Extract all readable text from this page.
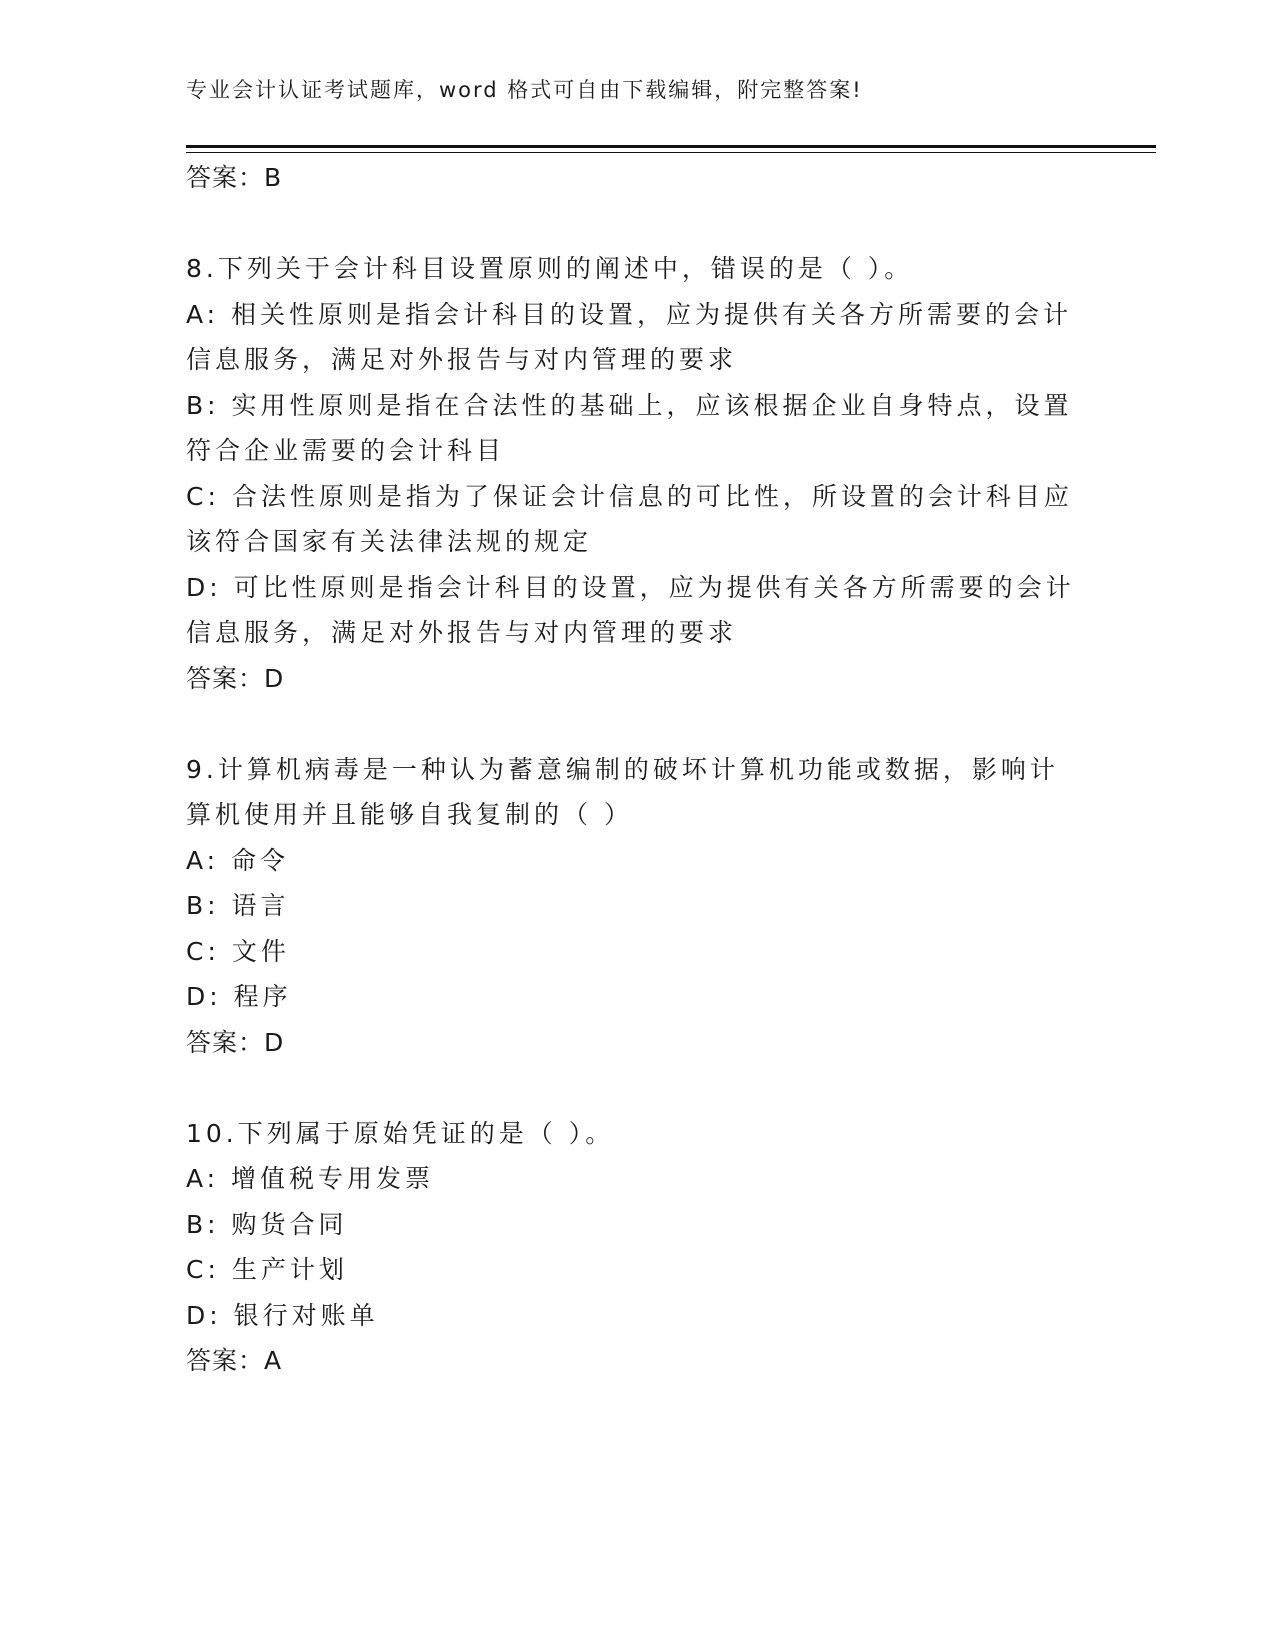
专业会计认证考试题库，word 格式可自由下载编辑，附完整答案!
答案：B
8.下列关于会计科目设置原则的阐述中，错误的是（ ）。
A: 相关性原则是指会计科目的设置，应为提供有关各方所需要的会计
信息服务，满足对外报告与对内管理的要求
B: 实用性原则是指在合法性的基础上，应该根据企业自身特点，设置
符合企业需要的会计科目
C: 合法性原则是指为了保证会计信息的可比性，所设置的会计科目应
该符合国家有关法律法规的规定
D: 可比性原则是指会计科目的设置，应为提供有关各方所需要的会计
信息服务，满足对外报告与对内管理的要求
答案：D
9.计算机病毒是一种认为蓄意编制的破坏计算机功能或数据，影响计
算机使用并且能够自我复制的（ ）
A: 命令
B: 语言
C: 文件
D: 程序
答案：D
10.下列属于原始凭证的是（ ）。
A: 增值税专用发票
B: 购货合同
C: 生产计划
D: 银行对账单
答案：A
